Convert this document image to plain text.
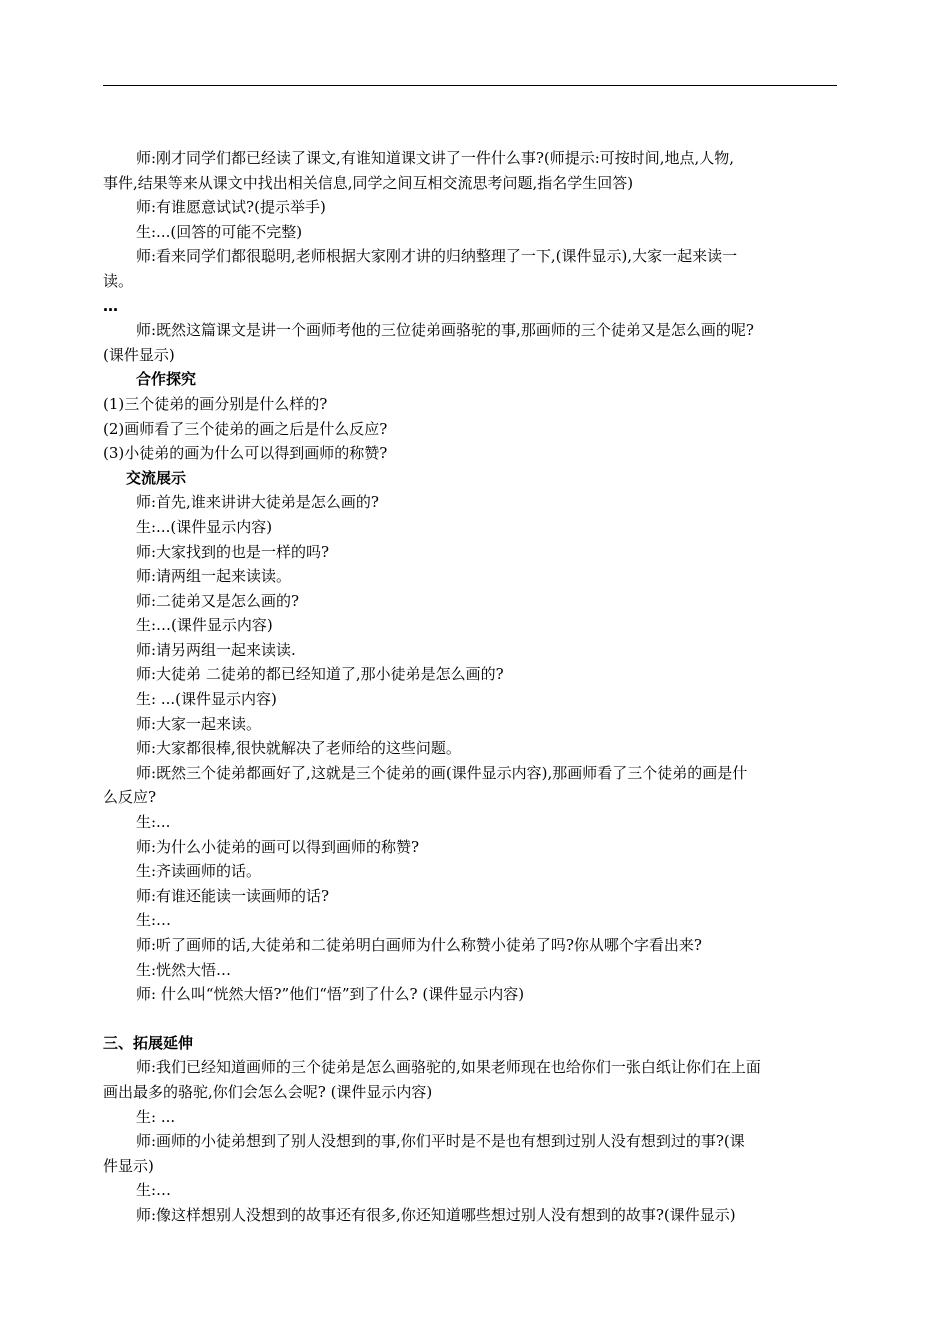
师:刚才同学们都已经读了课文,有谁知道课文讲了一件什么事?(师提示:可按时间,地点,人物,
事件,结果等来从课文中找出相关信息,同学之间互相交流思考问题,指名学生回答)
师:有谁愿意试试?(提示举手)
生:...(回答的可能不完整)
师:看来同学们都很聪明,老师根据大家刚才讲的归纳整理了一下,(课件显示),大家一起来读一
读。
…
师:既然这篇课文是讲一个画师考他的三位徒弟画骆驼的事,那画师的三个徒弟又是怎么画的呢?
(课件显示)
合作探究
(1)三个徒弟的画分别是什么样的?
(2)画师看了三个徒弟的画之后是什么反应?
(3)小徒弟的画为什么可以得到画师的称赞?
交流展示
师:首先,谁来讲讲大徒弟是怎么画的?
生:...(课件显示内容)
师:大家找到的也是一样的吗?
师:请两组一起来读读。
师:二徒弟又是怎么画的?
生:…(课件显示内容)
师:请另两组一起来读读.
师:大徒弟 二徒弟的都已经知道了,那小徒弟是怎么画的?
生: ...(课件显示内容)
师:大家一起来读。
师:大家都很棒,很快就解决了老师给的这些问题。
师:既然三个徒弟都画好了,这就是三个徒弟的画(课件显示内容),那画师看了三个徒弟的画是什
么反应?
生:...
师:为什么小徒弟的画可以得到画师的称赞?
生:齐读画师的话。
师:有谁还能读一读画师的话?
生:…
师:听了画师的话,大徒弟和二徒弟明白画师为什么称赞小徒弟了吗?你从哪个字看出来?
生:恍然大悟…
师: 什么叫“恍然大悟?”他们“悟”到了什么? (课件显示内容)
三、拓展延伸
师:我们已经知道画师的三个徒弟是怎么画骆驼的,如果老师现在也给你们一张白纸让你们在上面
画出最多的骆驼,你们会怎么会呢? (课件显示内容)
生: ...
师:画师的小徒弟想到了别人没想到的事,你们平时是不是也有想到过别人没有想到过的事?(课
件显示)
生:…
师:像这样想别人没想到的故事还有很多,你还知道哪些想过别人没有想到的故事?(课件显示)
